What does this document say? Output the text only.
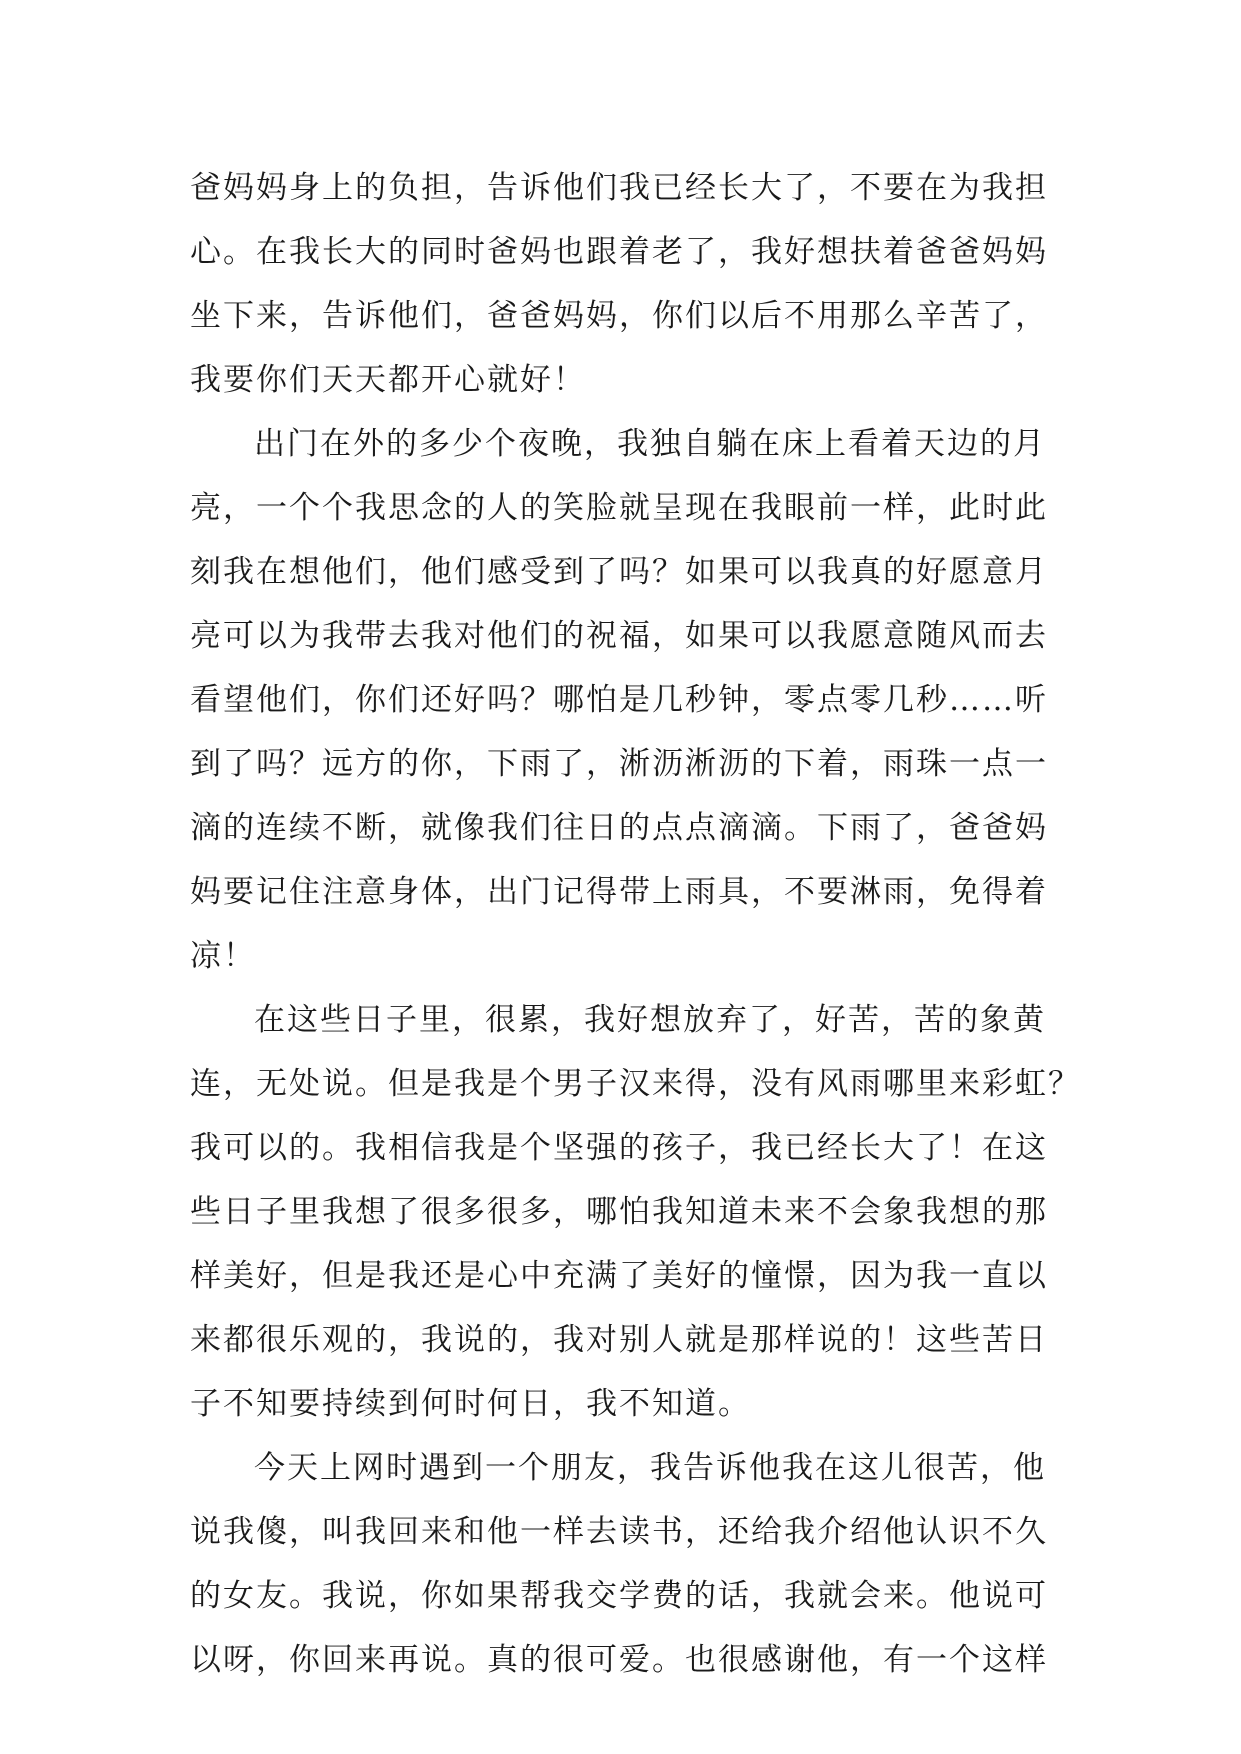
爸妈妈身上的负担，告诉他们我已经长大了，不要在为我担
心。在我长大的同时爸妈也跟着老了，我好想扶着爸爸妈妈
坐下来，告诉他们，爸爸妈妈，你们以后不用那么辛苦了，
我要你们天天都开心就好！
出门在外的多少个夜晚，我独自躺在床上看着天边的月
亮，一个个我思念的人的笑脸就呈现在我眼前一样，此时此
刻我在想他们，他们感受到了吗？如果可以我真的好愿意月
亮可以为我带去我对他们的祝福，如果可以我愿意随风而去
看望他们，你们还好吗？哪怕是几秒钟，零点零几秒……听
到了吗？远方的你，下雨了，淅沥淅沥的下着，雨珠一点一
滴的连续不断，就像我们往日的点点滴滴。下雨了，爸爸妈
妈要记住注意身体，出门记得带上雨具，不要淋雨，免得着
凉！
在这些日子里，很累，我好想放弃了，好苦，苦的象黄
连，无处说。但是我是个男子汉来得，没有风雨哪里来彩虹？
我可以的。我相信我是个坚强的孩子，我已经长大了！在这
些日子里我想了很多很多，哪怕我知道未来不会象我想的那
样美好，但是我还是心中充满了美好的憧憬，因为我一直以
来都很乐观的，我说的，我对别人就是那样说的！这些苦日
子不知要持续到何时何日，我不知道。
今天上网时遇到一个朋友，我告诉他我在这儿很苦，他
说我傻，叫我回来和他一样去读书，还给我介绍他认识不久
的女友。我说，你如果帮我交学费的话，我就会来。他说可
以呀，你回来再说。真的很可爱。也很感谢他，有一个这样
